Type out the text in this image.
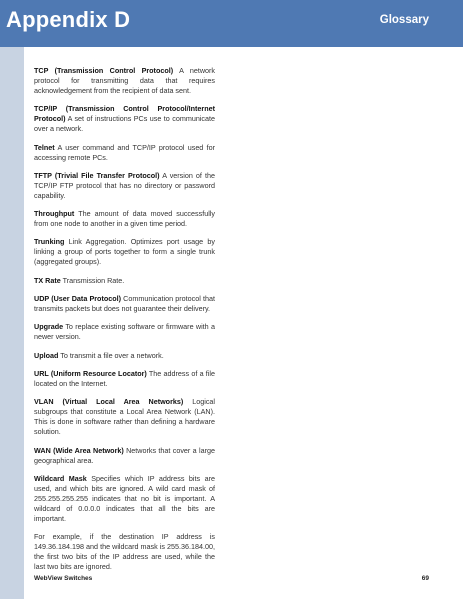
Appendix D	Glossary

TCP (Transmission Control Protocol) A network protocol for transmitting data that requires acknowledgement from the recipient of data sent.

TCP/IP (Transmission Control Protocol/Internet Protocol) A set of instructions PCs use to communicate over a network.

Telnet A user command and TCP/IP protocol used for accessing remote PCs.

TFTP (Trivial File Transfer Protocol) A version of the TCP/IP FTP protocol that has no directory or password capability.

Throughput The amount of data moved successfully from one node to another in a given time period.

Trunking Link Aggregation. Optimizes port usage by linking a group of ports together to form a single trunk (aggregated groups).

TX Rate Transmission Rate.

UDP (User Data Protocol) Communication protocol that transmits packets but does not guarantee their delivery.

Upgrade To replace existing software or firmware with a newer version.

Upload To transmit a file over a network.

URL (Uniform Resource Locator) The address of a file located on the Internet.

VLAN (Virtual Local Area Networks) Logical subgroups that constitute a Local Area Network (LAN). This is done in software rather than defining a hardware solution.

WAN (Wide Area Network) Networks that cover a large geographical area.

Wildcard Mask Specifies which IP address bits are used, and which bits are ignored. A wild card mask of 255.255.255.255 indicates that no bit is important. A wildcard of 0.0.0.0 indicates that all the bits are important.

For example, if the destination IP address is 149.36.184.198 and the wildcard mask is 255.36.184.00, the first two bits of the IP address are used, while the last two bits are ignored.

WebView Switches	69
